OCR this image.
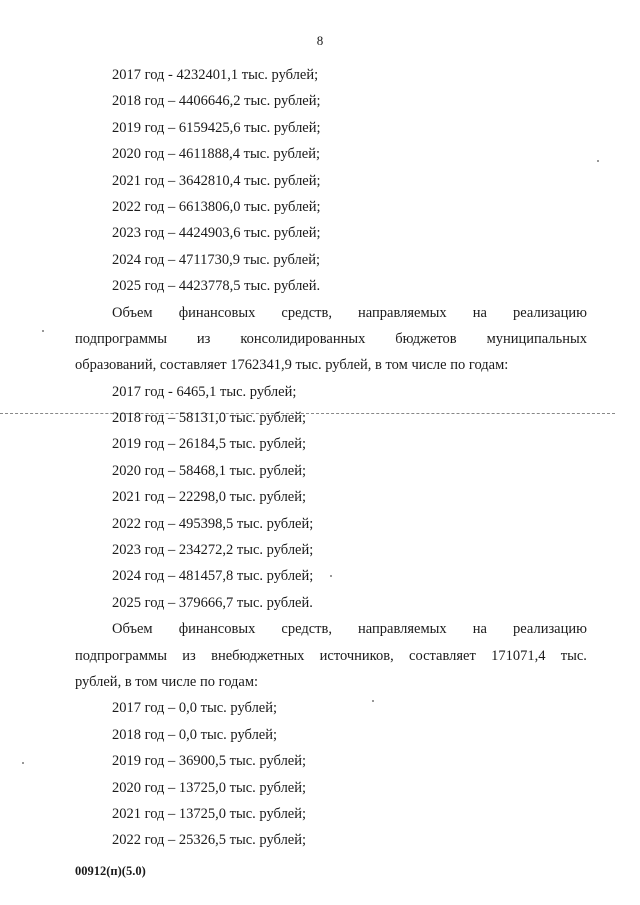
8
2017 год - 4232401,1 тыс. рублей;
2018 год – 4406646,2 тыс. рублей;
2019 год – 6159425,6 тыс. рублей;
2020 год – 4611888,4 тыс. рублей;
2021 год – 3642810,4 тыс. рублей;
2022 год – 6613806,0 тыс. рублей;
2023 год – 4424903,6 тыс. рублей;
2024 год – 4711730,9 тыс. рублей;
2025 год – 4423778,5 тыс. рублей.
Объем финансовых средств, направляемых на реализацию
подпрограммы из консолидированных бюджетов муниципальных
образований, составляет 1762341,9 тыс. рублей, в том числе по годам:
2017 год - 6465,1 тыс. рублей;
2018 год – 58131,0 тыс. рублей;
2019 год – 26184,5 тыс. рублей;
2020 год – 58468,1 тыс. рублей;
2021 год – 22298,0 тыс. рублей;
2022 год – 495398,5 тыс. рублей;
2023 год – 234272,2 тыс. рублей;
2024 год – 481457,8 тыс. рублей;
2025 год – 379666,7 тыс. рублей.
Объем финансовых средств, направляемых на реализацию
подпрограммы из внебюджетных источников, составляет 171071,4 тыс.
рублей, в том числе по годам:
2017 год – 0,0 тыс. рублей;
2018 год – 0,0 тыс. рублей;
2019 год – 36900,5 тыс. рублей;
2020 год – 13725,0 тыс. рублей;
2021 год – 13725,0 тыс. рублей;
2022 год – 25326,5 тыс. рублей;
00912(п)(5.0)
